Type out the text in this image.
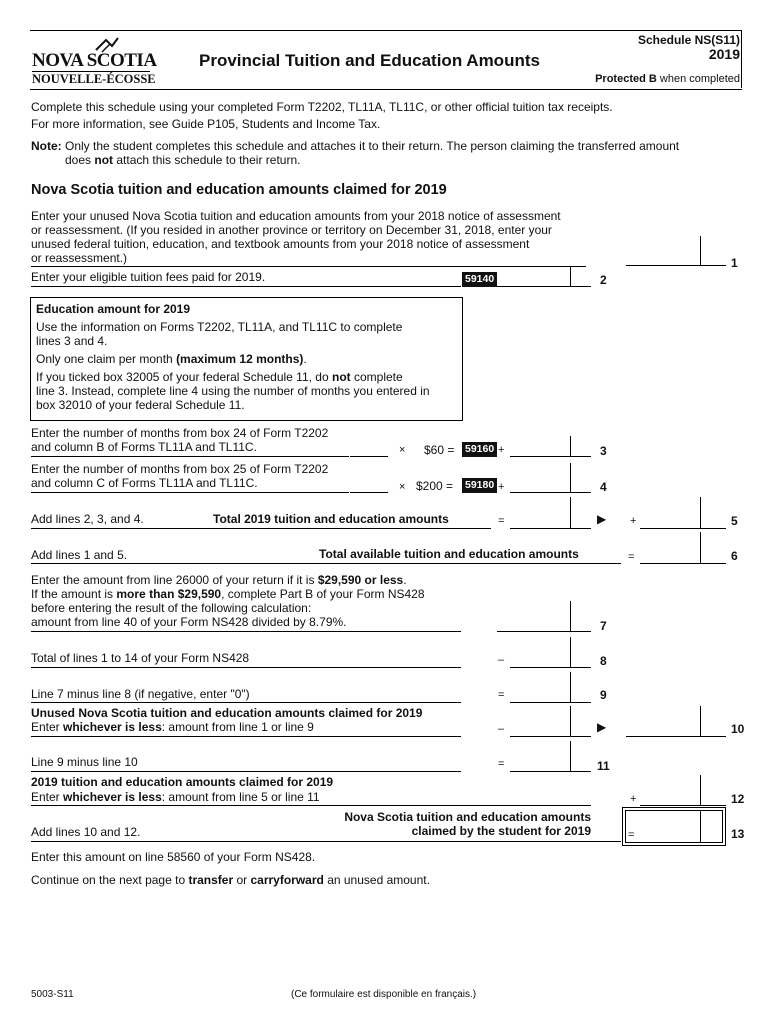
NOVA SCOTIA
NOUVELLE-ÉCOSSE
Provincial Tuition and Education Amounts
Schedule NS(S11)
2019
Protected B when completed
Complete this schedule using your completed Form T2202, TL11A, TL11C, or other official tuition tax receipts.
For more information, see Guide P105, Students and Income Tax.
Note: Only the student completes this schedule and attaches it to their return. The person claiming the transferred amount
does not attach this schedule to their return.
Nova Scotia tuition and education amounts claimed for 2019
Enter your unused Nova Scotia tuition and education amounts from your 2018 notice of assessment
or reassessment. (If you resided in another province or territory on December 31, 2018, enter your
unused federal tuition, education, and textbook amounts from your 2018 notice of assessment
or reassessment.)	1
Enter your eligible tuition fees paid for 2019.	59140	2
Education amount for 2019
Use the information on Forms T2202, TL11A, and TL11C to complete
lines 3 and 4.
Only one claim per month (maximum 12 months).
If you ticked box 32005 of your federal Schedule 11, do not complete
line 3. Instead, complete line 4 using the number of months you entered in
box 32010 of your federal Schedule 11.
Enter the number of months from box 24 of Form T2202
and column B of Forms TL11A and TL11C.	× $60 = 59160 +	3
Enter the number of months from box 25 of Form T2202
and column C of Forms TL11A and TL11C.	× $200 = 59180 +	4
Add lines 2, 3, and 4.	Total 2019 tuition and education amounts	=	▶ +	5
Add lines 1 and 5.	Total available tuition and education amounts	=	6
Enter the amount from line 26000 of your return if it is $29,590 or less.
If the amount is more than $29,590, complete Part B of your Form NS428
before entering the result of the following calculation:
amount from line 40 of your Form NS428 divided by 8.79%.	7
Total of lines 1 to 14 of your Form NS428	–	8
Line 7 minus line 8 (if negative, enter "0")	=	9
Unused Nova Scotia tuition and education amounts claimed for 2019
Enter whichever is less: amount from line 1 or line 9	–	▶	10
Line 9 minus line 10	=	11
2019 tuition and education amounts claimed for 2019
Enter whichever is less: amount from line 5 or line 11	+	12
Add lines 10 and 12.
Nova Scotia tuition and education amounts
claimed by the student for 2019	=	13
Enter this amount on line 58560 of your Form NS428.
Continue on the next page to transfer or carryforward an unused amount.
5003-S11	(Ce formulaire est disponible en français.)
